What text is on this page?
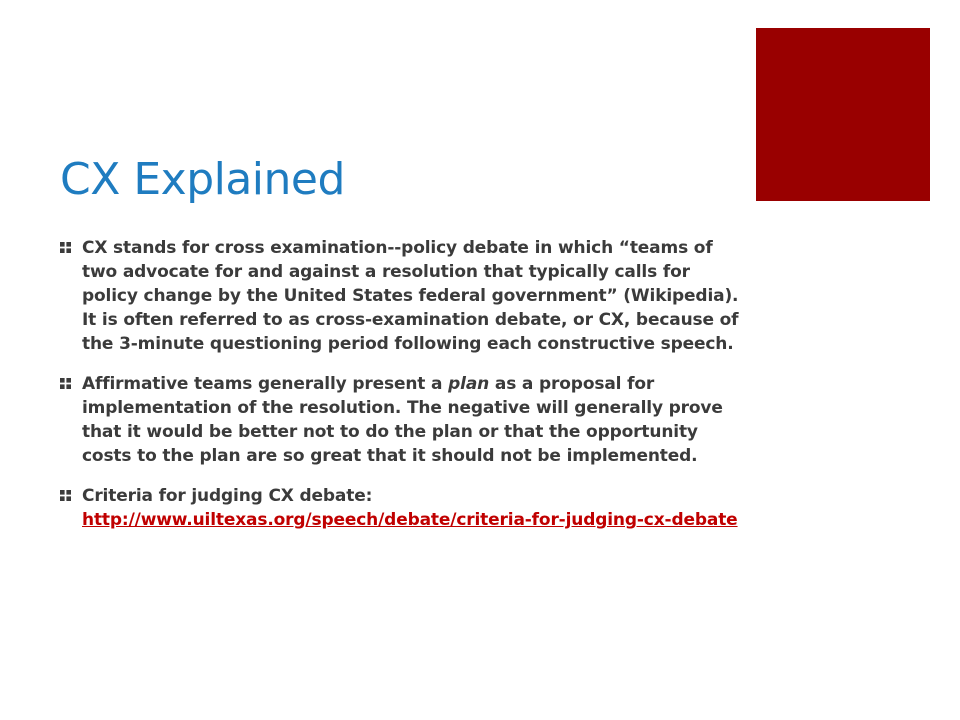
CX Explained
CX stands for cross examination--policy debate in which “teams of two advocate for and against a resolution that typically calls for policy change by the United States federal government” (Wikipedia). It is often referred to as cross-examination debate, or CX, because of the 3-minute questioning period following each constructive speech.
Affirmative teams generally present a plan as a proposal for implementation of the resolution. The negative will generally prove that it would be better not to do the plan or that the opportunity costs to the plan are so great that it should not be implemented.
Criteria for judging CX debate: http://www.uiltexas.org/speech/debate/criteria-for-judging-cx-debate
